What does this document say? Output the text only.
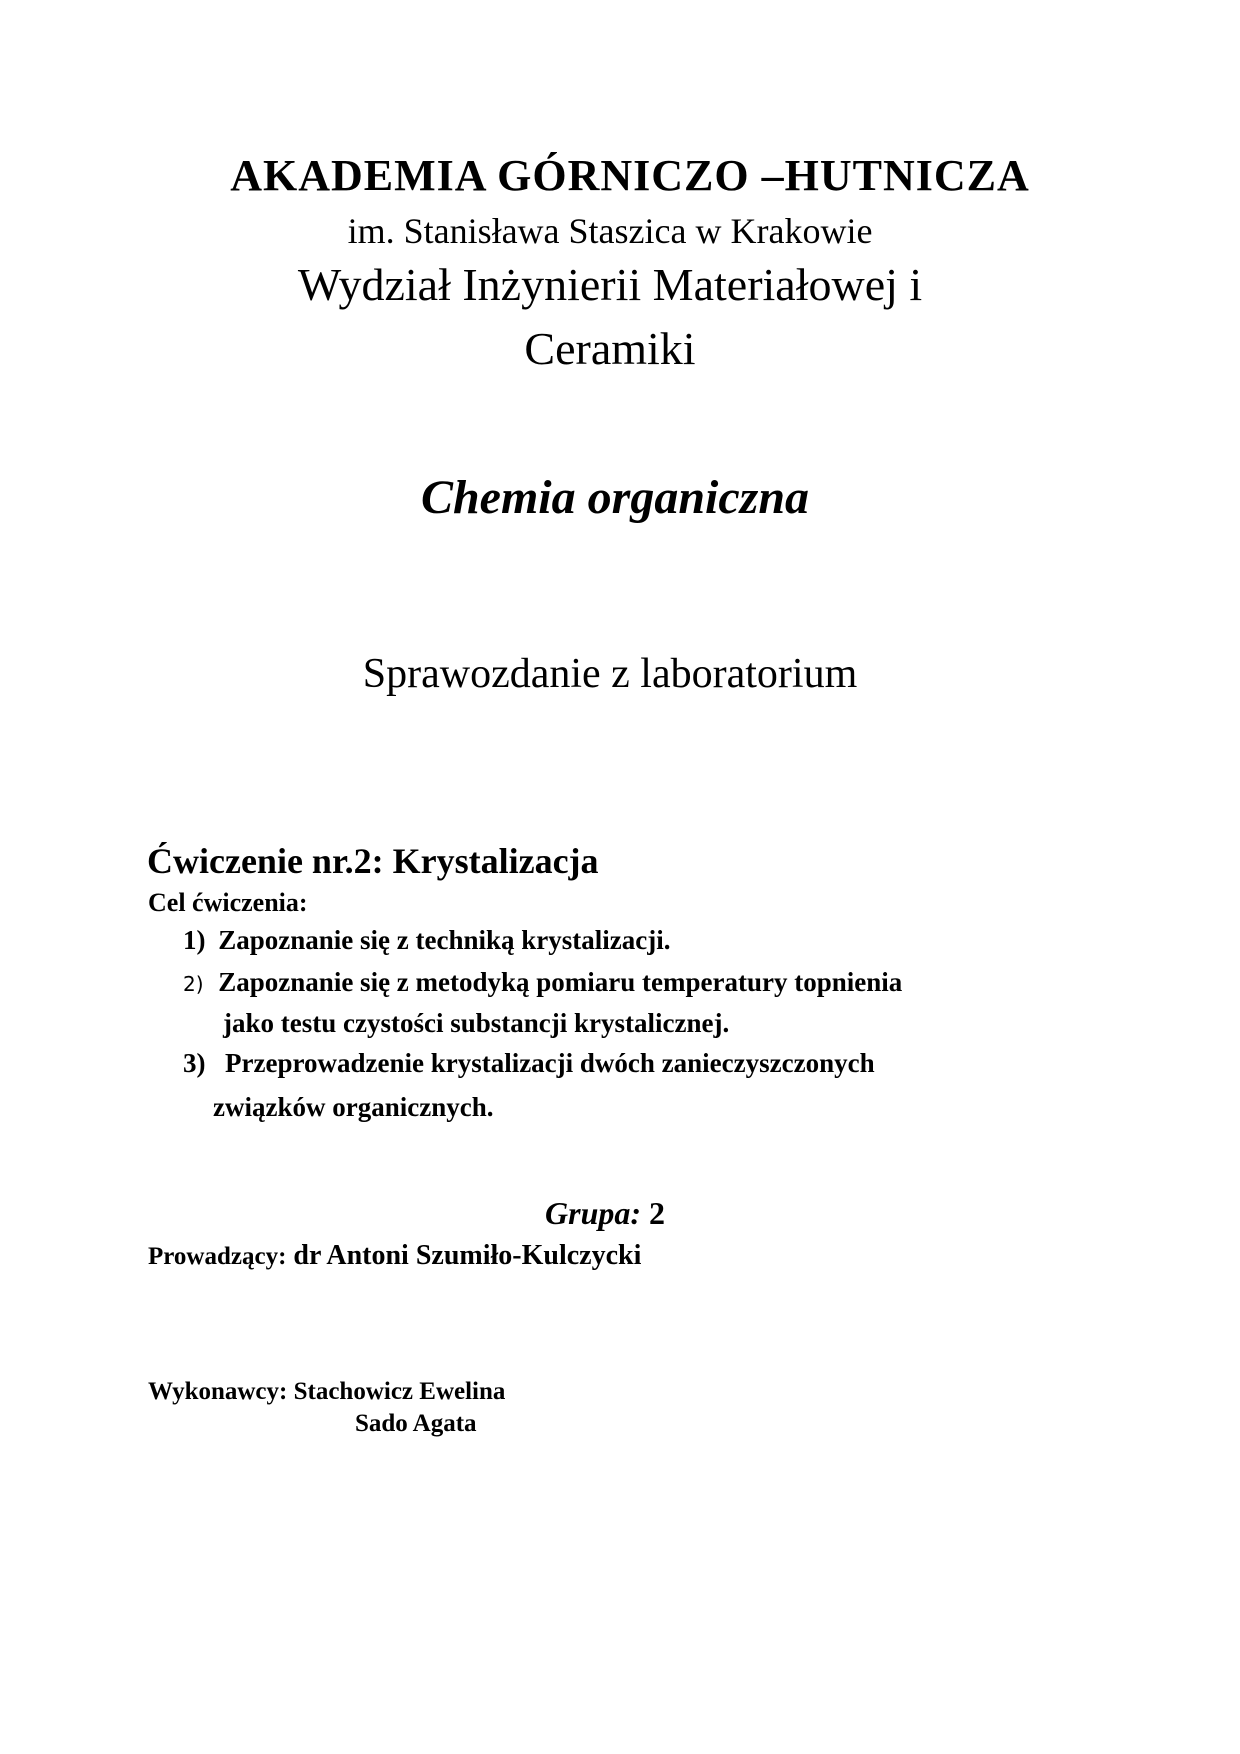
AKADEMIA GÓRNICZO –HUTNICZA
im. Stanisława Staszica w Krakowie
Wydział Inżynierii Materiałowej i
Ceramiki
Chemia organiczna
Sprawozdanie z laboratorium
Ćwiczenie nr.2: Krystalizacja
Cel ćwiczenia:
1) Zapoznanie się z techniką krystalizacji.
2) Zapoznanie się z metodyką pomiaru temperatury topnienia
jako testu czystości substancji krystalicznej.
3)  Przeprowadzenie krystalizacji dwóch zanieczyszczonych
związków organicznych.
Grupa: 2
Prowadzący: dr Antoni Szumiło-Kulczycki
Wykonawcy: Stachowicz Ewelina
Sado Agata
